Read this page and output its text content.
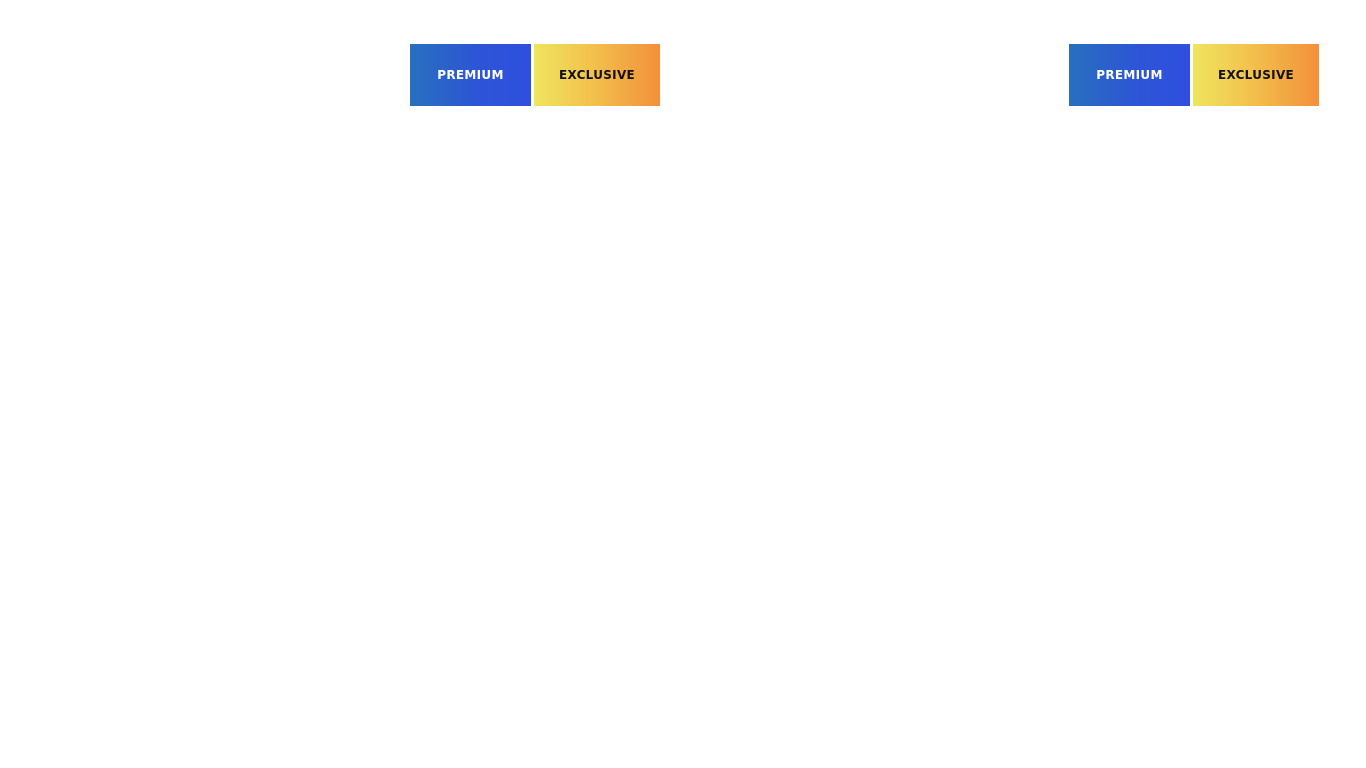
PREMIUM	EXCLUSIVE	PREMIUM	EXCLUSIVE
